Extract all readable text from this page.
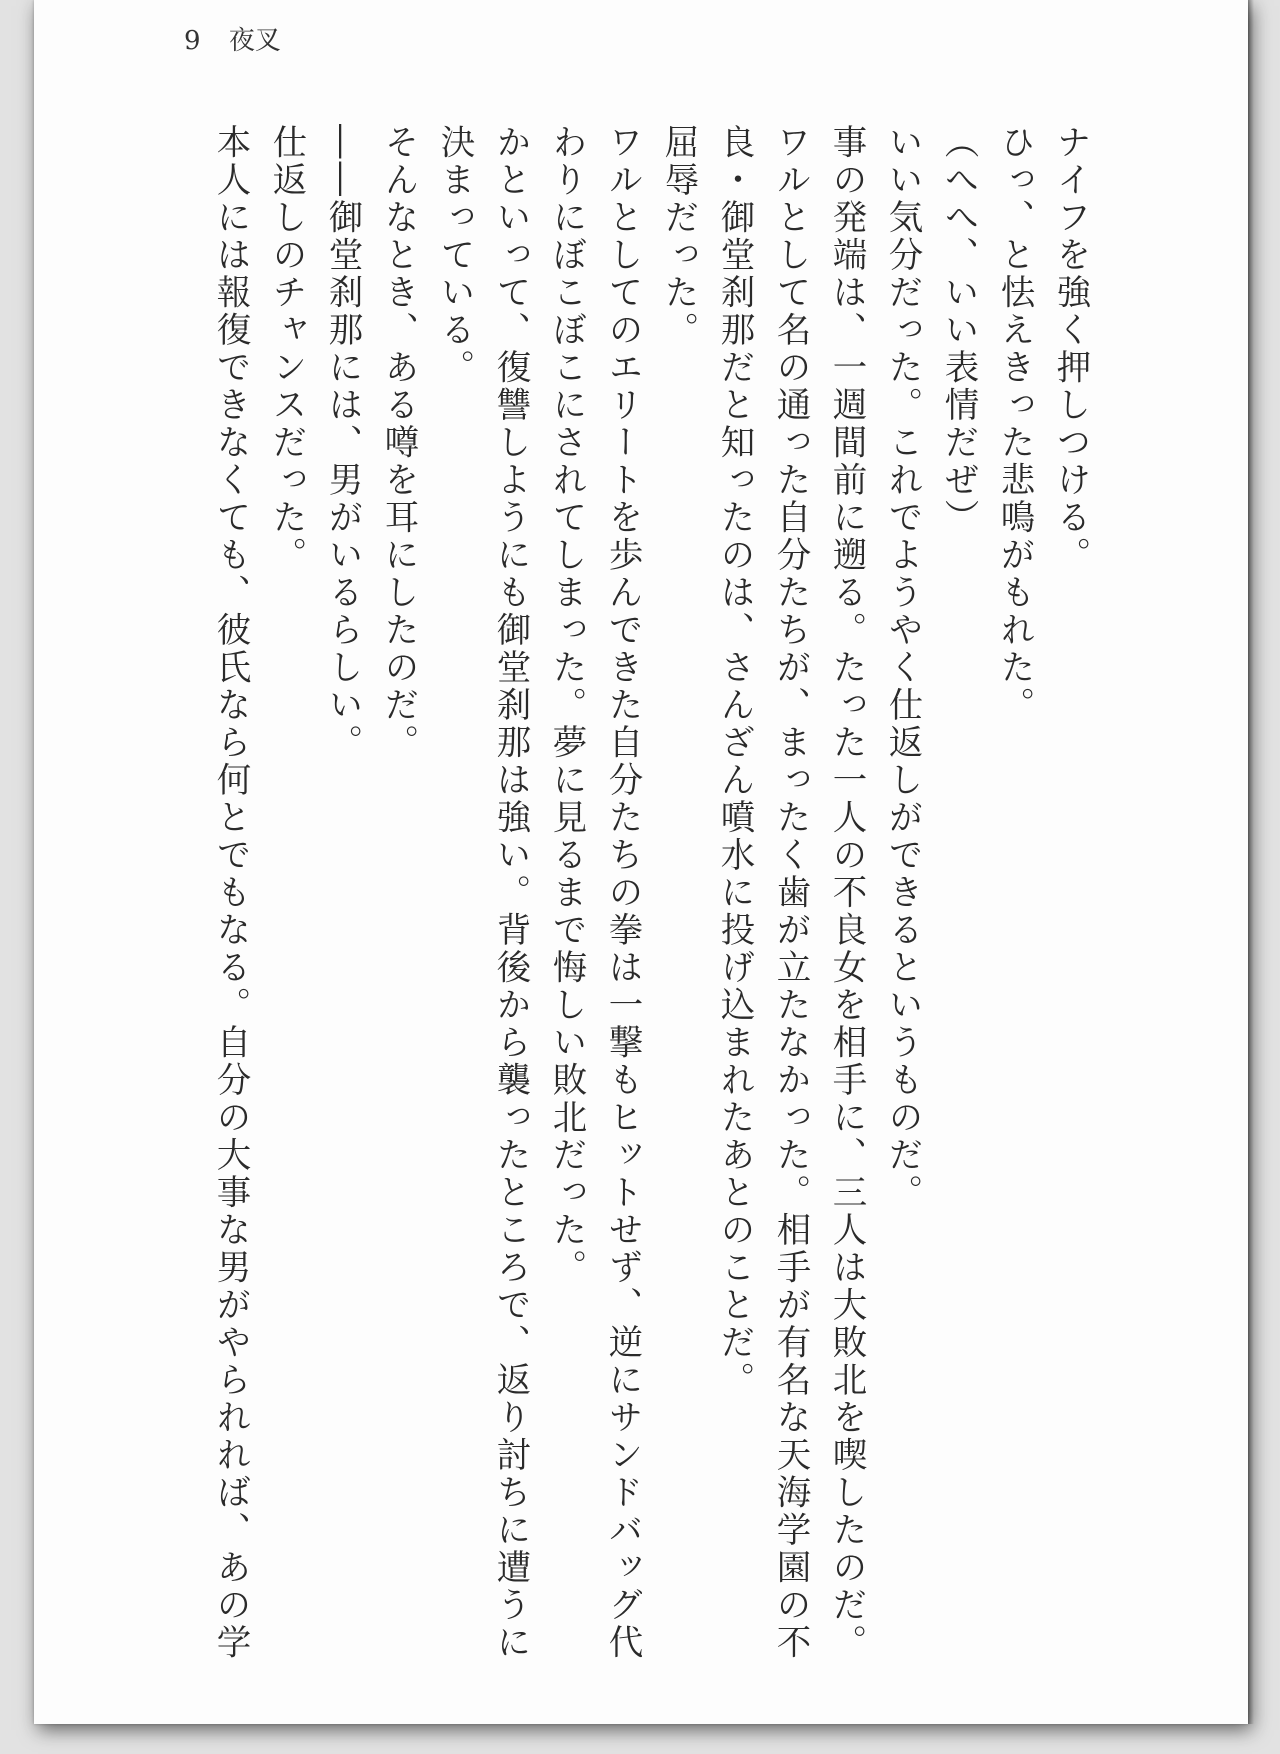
9 夜叉

ナイフを強く押しつける。

ひっ、と怯えきった悲鳴がもれた。

（へへ、いい表情だぜ）

いい気分だった。これでようやく仕返しができるというものだ。

事の発端は、一週間前に遡る。たった一人の不良女を相手に、三人は大敗北を喫したのだ。

ワルとして名の通った自分たちが、まったく歯が立たなかった。相手が有名な天海学園の不

良・御堂刹那だと知ったのは、さんざん噴水に投げ込まれたあとのことだ。

屈辱だった。

ワルとしてのエリートを歩んできた自分たちの拳は一撃もヒットせず、逆にサンドバッグ代

わりにぼこぼこにされてしまった。夢に見るまで悔しい敗北だった。

かといって、復讐しようにも御堂刹那は強い。背後から襲ったところで、返り討ちに遭うに

決まっている。

そんなとき、ある噂を耳にしたのだ。

――御堂刹那には、男がいるらしい。

仕返しのチャンスだった。

本人には報復できなくても、彼氏なら何とでもなる。自分の大事な男がやられれば、あの学
